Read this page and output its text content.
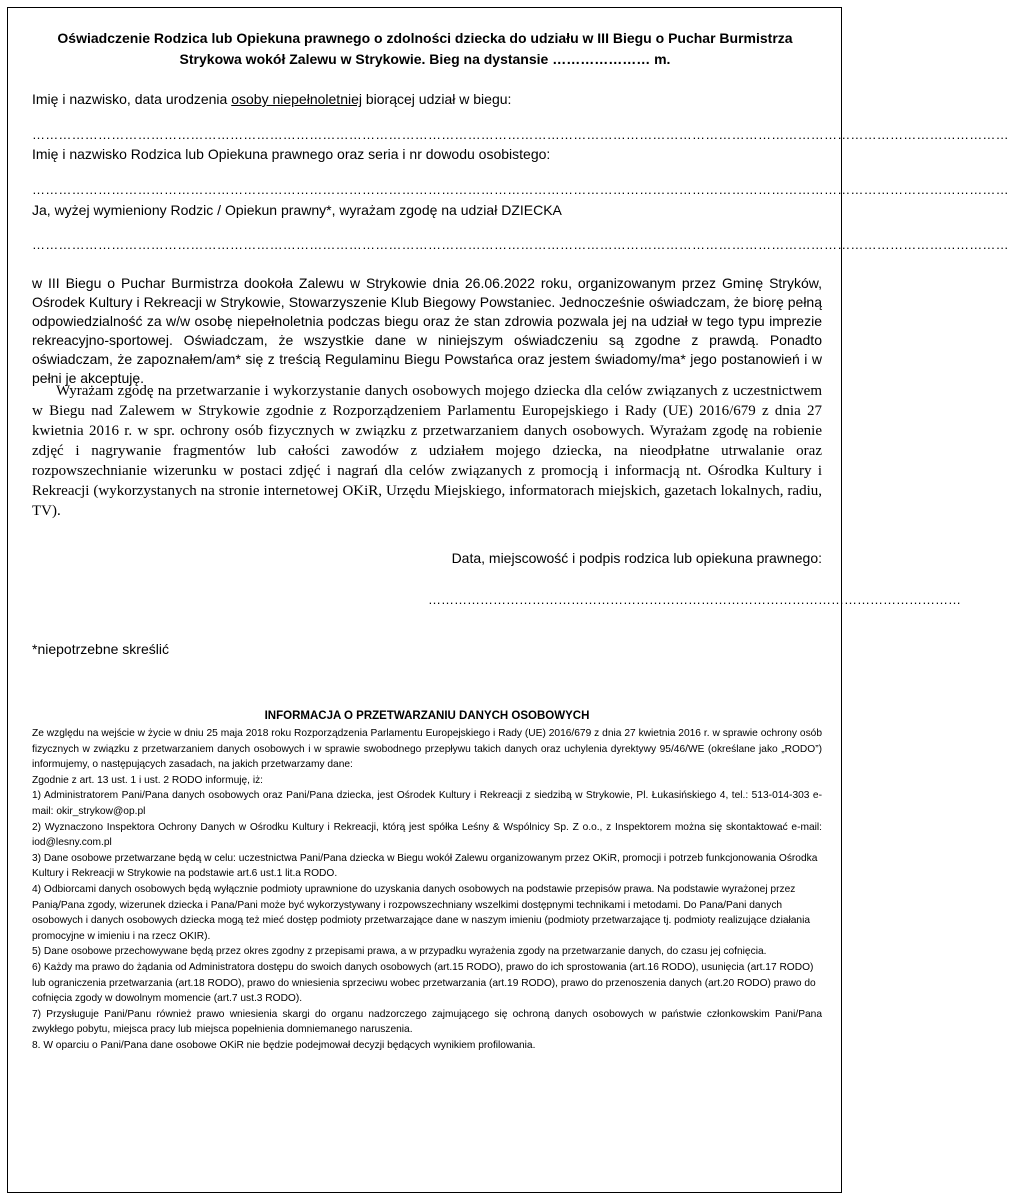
Oświadczenie Rodzica lub Opiekuna prawnego o zdolności dziecka do udziału w III Biegu o Puchar Burmistrza
Strykowa wokół Zalewu w Strykowie. Bieg na dystansie ………………… m.
Imię i nazwisko, data urodzenia osoby niepełnoletniej biorącej udział w biegu:
……………………………………………………………………………………………………………………………………………………………………………………………………
Imię i nazwisko Rodzica lub Opiekuna prawnego oraz seria i nr dowodu osobistego:
……………………………………………………………………………………………………………………………………………………………………………………………………
Ja, wyżej wymieniony Rodzic / Opiekun prawny*, wyrażam zgodę na udział DZIECKA
……………………………………………………………………………………………………………………………………………………………………………………………………
w III Biegu o Puchar Burmistrza dookoła Zalewu w Strykowie dnia 26.06.2022 roku, organizowanym przez Gminę Stryków, Ośrodek Kultury i Rekreacji w Strykowie, Stowarzyszenie Klub Biegowy Powstaniec. Jednocześnie oświadczam, że biorę pełną odpowiedzialność za w/w osobę niepełnoletnia podczas biegu oraz że stan zdrowia pozwala jej na udział w tego typu imprezie rekreacyjno-sportowej. Oświadczam, że wszystkie dane w niniejszym oświadczeniu są zgodne z prawdą. Ponadto oświadczam, że zapoznałem/am* się z treścią Regulaminu Biegu Powstańca oraz jestem świadomy/ma* jego postanowień i w pełni je akceptuję.
Wyrażam zgodę na przetwarzanie i wykorzystanie danych osobowych mojego dziecka dla celów związanych z uczestnictwem w Biegu nad Zalewem w Strykowie zgodnie z Rozporządzeniem Parlamentu Europejskiego i Rady (UE) 2016/679 z dnia 27 kwietnia 2016 r. w spr. ochrony osób fizycznych w związku z przetwarzaniem danych osobowych. Wyrażam zgodę na robienie zdjęć i nagrywanie fragmentów lub całości zawodów z udziałem mojego dziecka, na nieodpłatne utrwalanie oraz rozpowszechnianie wizerunku w postaci zdjęć i nagrań dla celów związanych z promocją i informacją nt. Ośrodka Kultury i Rekreacji (wykorzystanych na stronie internetowej OKiR, Urzędu Miejskiego, informatorach miejskich, gazetach lokalnych, radiu, TV).
Data, miejscowość i podpis rodzica lub opiekuna prawnego:
……………………………………………………………………………………………………………
*niepotrzebne skreślić
INFORMACJA O PRZETWARZANIU DANYCH OSOBOWYCH

Ze względu na wejście w życie w dniu 25 maja 2018 roku Rozporządzenia Parlamentu Europejskiego i Rady (UE) 2016/679 z dnia 27 kwietnia 2016 r. w sprawie ochrony osób fizycznych w związku z przetwarzaniem danych osobowych i w sprawie swobodnego przepływu takich danych oraz uchylenia dyrektywy 95/46/WE (określane jako „RODO”) informujemy, o następujących zasadach, na jakich przetwarzamy dane:

Zgodnie z art. 13 ust. 1 i ust. 2 RODO informuję, iż:

1) Administratorem Pani/Pana danych osobowych oraz Pani/Pana dziecka, jest Ośrodek Kultury i Rekreacji z siedzibą w Strykowie, Pl. Łukasińskiego 4, tel.: 513-014-303 e-mail: okir_strykow@op.pl

2) Wyznaczono Inspektora Ochrony Danych w Ośrodku Kultury i Rekreacji, którą jest spółka Leśny & Wspólnicy Sp. Z o.o., z Inspektorem można się skontaktować e-mail: iod@lesny.com.pl

3) Dane osobowe przetwarzane będą w celu: uczestnictwa Pani/Pana dziecka w Biegu wokół Zalewu organizowanym przez OKiR, promocji i potrzeb funkcjonowania Ośrodka Kultury i Rekreacji w Strykowie na podstawie art.6 ust.1 lit.a RODO.

4) Odbiorcami danych osobowych będą wyłącznie podmioty uprawnione do uzyskania danych osobowych na podstawie przepisów prawa. Na podstawie wyrażonej przez Panią/Pana zgody, wizerunek dziecka i Pana/Pani może być wykorzystywany i rozpowszechniany wszelkimi dostępnymi technikami i metodami. Do Pana/Pani danych osobowych i danych osobowych dziecka mogą też mieć dostęp podmioty przetwarzające dane w naszym imieniu (podmioty przetwarzające tj. podmioty realizujące działania promocyjne w imieniu i na rzecz OKIR).

5) Dane osobowe przechowywane będą przez okres zgodny z przepisami prawa, a w przypadku wyrażenia zgody na przetwarzanie danych, do czasu jej cofnięcia.

6) Każdy ma prawo do żądania od Administratora dostępu do swoich danych osobowych (art.15 RODO), prawo do ich sprostowania (art.16 RODO), usunięcia (art.17 RODO) lub ograniczenia przetwarzania (art.18 RODO), prawo do wniesienia sprzeciwu wobec przetwarzania (art.19 RODO), prawo do przenoszenia danych (art.20 RODO) prawo do cofnięcia zgody w dowolnym momencie (art.7 ust.3 RODO).

7) Przysługuje Pani/Panu również prawo wniesienia skargi do organu nadzorczego zajmującego się ochroną danych osobowych w państwie członkowskim Pani/Pana zwykłego pobytu, miejsca pracy lub miejsca popełnienia domniemanego naruszenia.

8. W oparciu o Pani/Pana dane osobowe OKiR nie będzie podejmował decyzji będących wynikiem profilowania.
